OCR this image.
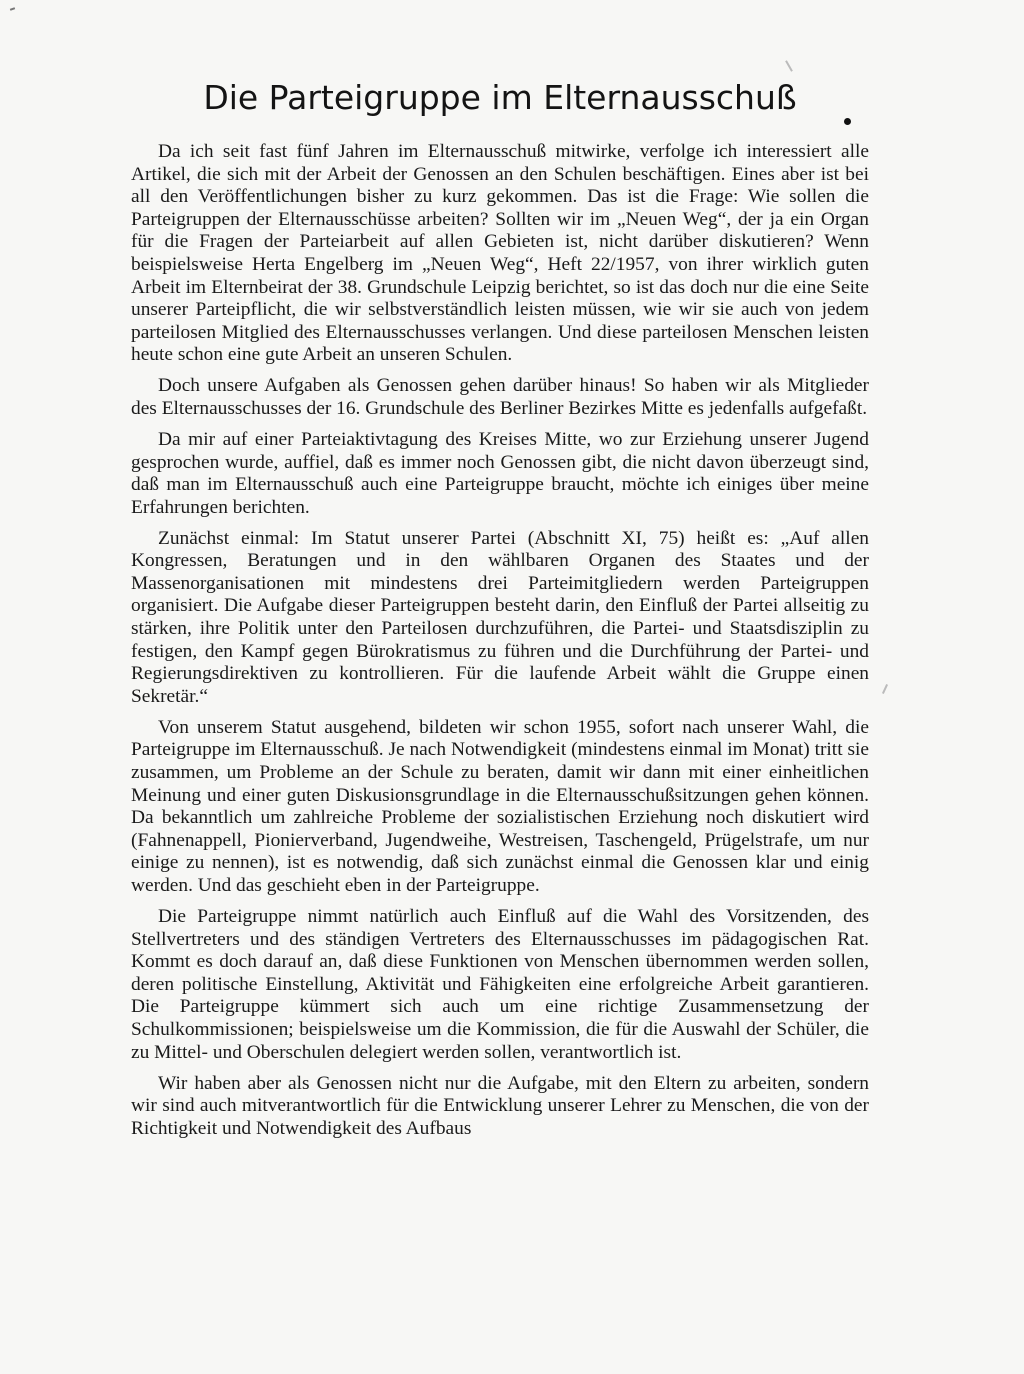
Die Parteigruppe im Elternausschuß

Da ich seit fast fünf Jahren im Elternausschuß mitwirke, verfolge ich interessiert alle Artikel, die sich mit der Arbeit der Genossen an den Schulen beschäftigen. Eines aber ist bei all den Veröffentlichungen bisher zu kurz gekommen. Das ist die Frage: Wie sollen die Parteigruppen der Elternausschüsse arbeiten? Sollten wir im „Neuen Weg“, der ja ein Organ für die Fragen der Parteiarbeit auf allen Gebieten ist, nicht darüber diskutieren? Wenn beispielsweise Herta Engelberg im „Neuen Weg“, Heft 22/1957, von ihrer wirklich guten Arbeit im Elternbeirat der 38. Grundschule Leipzig berichtet, so ist das doch nur die eine Seite unserer Parteipflicht, die wir selbstverständlich leisten müssen, wie wir sie auch von jedem parteilosen Mitglied des Elternausschusses verlangen. Und diese parteilosen Menschen leisten heute schon eine gute Arbeit an unseren Schulen.

Doch unsere Aufgaben als Genossen gehen darüber hinaus! So haben wir als Mitglieder des Elternausschusses der 16. Grundschule des Berliner Bezirkes Mitte es jedenfalls aufgefaßt.

Da mir auf einer Parteiaktivtagung des Kreises Mitte, wo zur Erziehung unserer Jugend gesprochen wurde, auffiel, daß es immer noch Genossen gibt, die nicht davon überzeugt sind, daß man im Elternausschuß auch eine Parteigruppe braucht, möchte ich einiges über meine Erfahrungen berichten.

Zunächst einmal: Im Statut unserer Partei (Abschnitt XI, 75) heißt es: „Auf allen Kongressen, Beratungen und in den wählbaren Organen des Staates und der Massenorganisationen mit mindestens drei Parteimitgliedern werden Parteigruppen organisiert. Die Aufgabe dieser Parteigruppen besteht darin, den Einfluß der Partei allseitig zu stärken, ihre Politik unter den Parteilosen durchzuführen, die Partei- und Staatsdisziplin zu festigen, den Kampf gegen Bürokratismus zu führen und die Durchführung der Partei- und Regierungsdirektiven zu kontrollieren. Für die laufende Arbeit wählt die Gruppe einen Sekretär.“

Von unserem Statut ausgehend, bildeten wir schon 1955, sofort nach unserer Wahl, die Parteigruppe im Elternausschuß. Je nach Notwendigkeit (mindestens einmal im Monat) tritt sie zusammen, um Probleme an der Schule zu beraten, damit wir dann mit einer einheitlichen Meinung und einer guten Diskusionsgrundlage in die Elternausschußsitzungen gehen können. Da bekanntlich um zahlreiche Probleme der sozialistischen Erziehung noch diskutiert wird (Fahnenappell, Pionierverband, Jugendweihe, Westreisen, Taschengeld, Prügelstrafe, um nur einige zu nennen), ist es notwendig, daß sich zunächst einmal die Genossen klar und einig werden. Und das geschieht eben in der Parteigruppe.

Die Parteigruppe nimmt natürlich auch Einfluß auf die Wahl des Vorsitzenden, des Stellvertreters und des ständigen Vertreters des Elternausschusses im pädagogischen Rat. Kommt es doch darauf an, daß diese Funktionen von Menschen übernommen werden sollen, deren politische Einstellung, Aktivität und Fähigkeiten eine erfolgreiche Arbeit garantieren. Die Parteigruppe kümmert sich auch um eine richtige Zusammensetzung der Schulkommissionen; beispielsweise um die Kommission, die für die Auswahl der Schüler, die zu Mittel- und Oberschulen delegiert werden sollen, verantwortlich ist.

Wir haben aber als Genossen nicht nur die Aufgabe, mit den Eltern zu arbeiten, sondern wir sind auch mitverantwortlich für die Entwicklung unserer Lehrer zu Menschen, die von der Richtigkeit und Notwendigkeit des Aufbaus
